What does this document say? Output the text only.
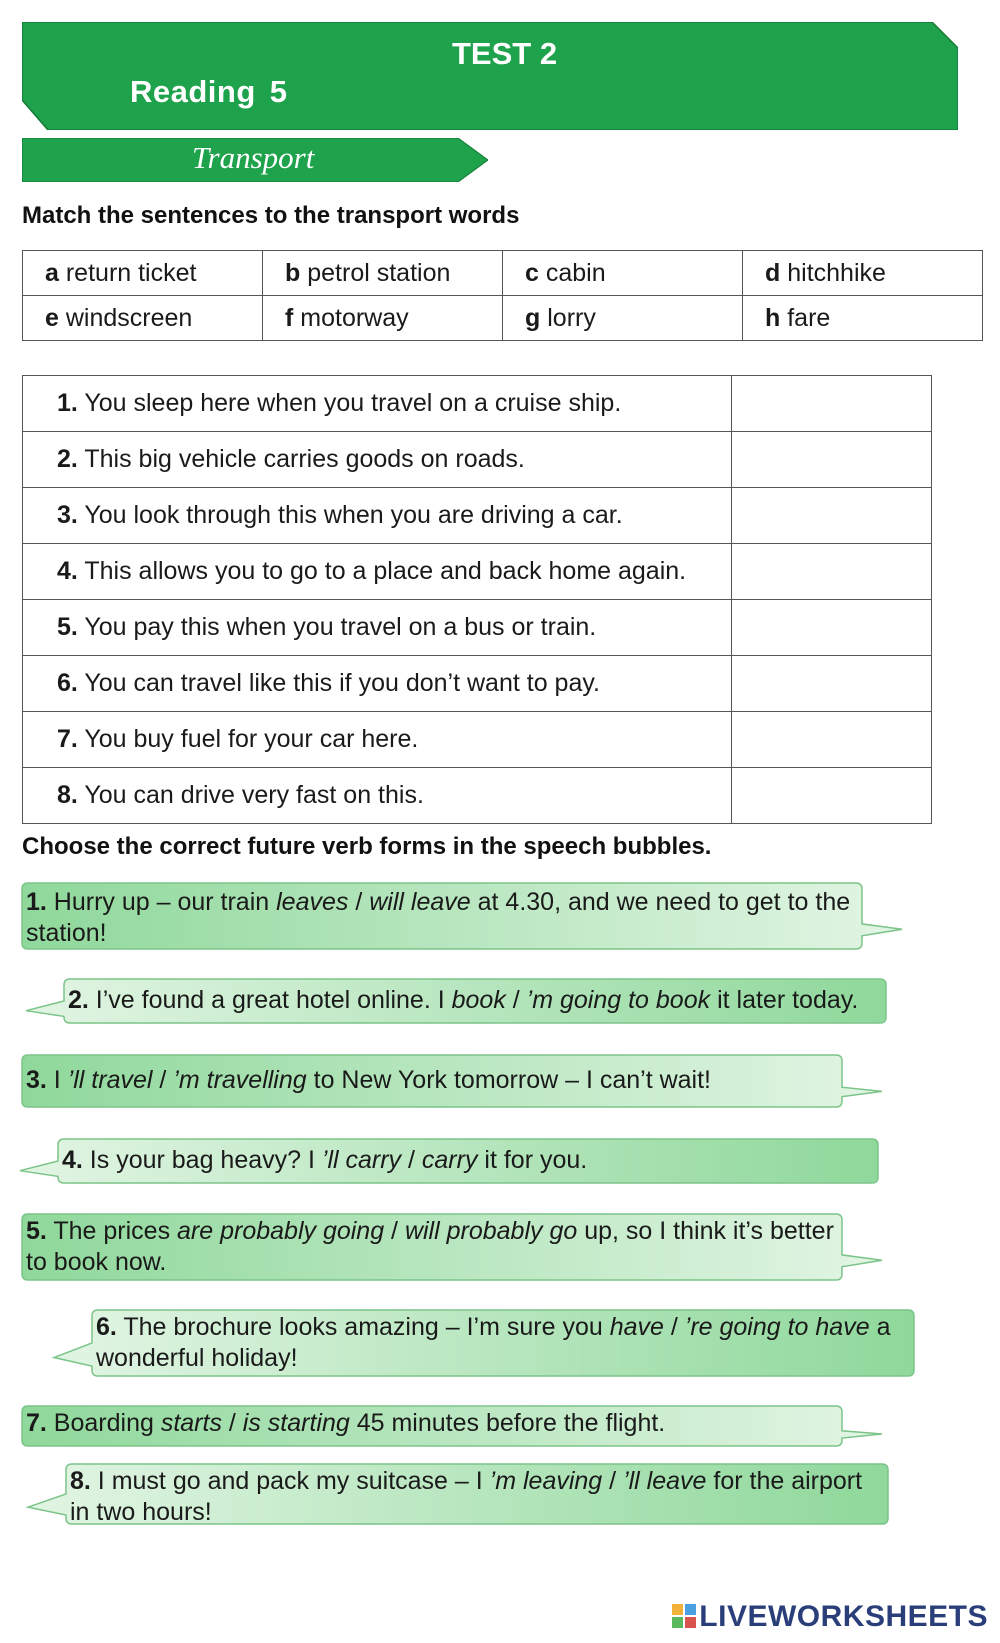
TEST 2
Reading 5
Transport
Match the sentences to the transport words
a return ticket	b petrol station	c cabin	d hitchhike
e windscreen	f motorway	g lorry	h fare
1. You sleep here when you travel on a cruise ship.	
2. This big vehicle carries goods on roads.	
3. You look through this when you are driving a car.	
4. This allows you to go to a place and back home again.	
5. You pay this when you travel on a bus or train.	
6. You can travel like this if you don’t want to pay.	
7. You buy fuel for your car here.	
8. You can drive very fast on this.	
Choose the correct future verb forms in the speech bubbles.
1. Hurry up – our train leaves / will leave at 4.30, and we need to get to the station!
2. I’ve found a great hotel online. I book / ’m going to book it later today.
3. I ’ll travel / ’m travelling to New York tomorrow – I can’t wait!
4. Is your bag heavy? I ’ll carry / carry it for you.
5. The prices are probably going / will probably go up, so I think it’s better to book now.
6. The brochure looks amazing – I’m sure you have / ’re going to have a wonderful holiday!
7. Boarding starts / is starting 45 minutes before the flight.
8. I must go and pack my suitcase – I ’m leaving / ’ll leave for the airport in two hours!
LIVEWORKSHEETS
